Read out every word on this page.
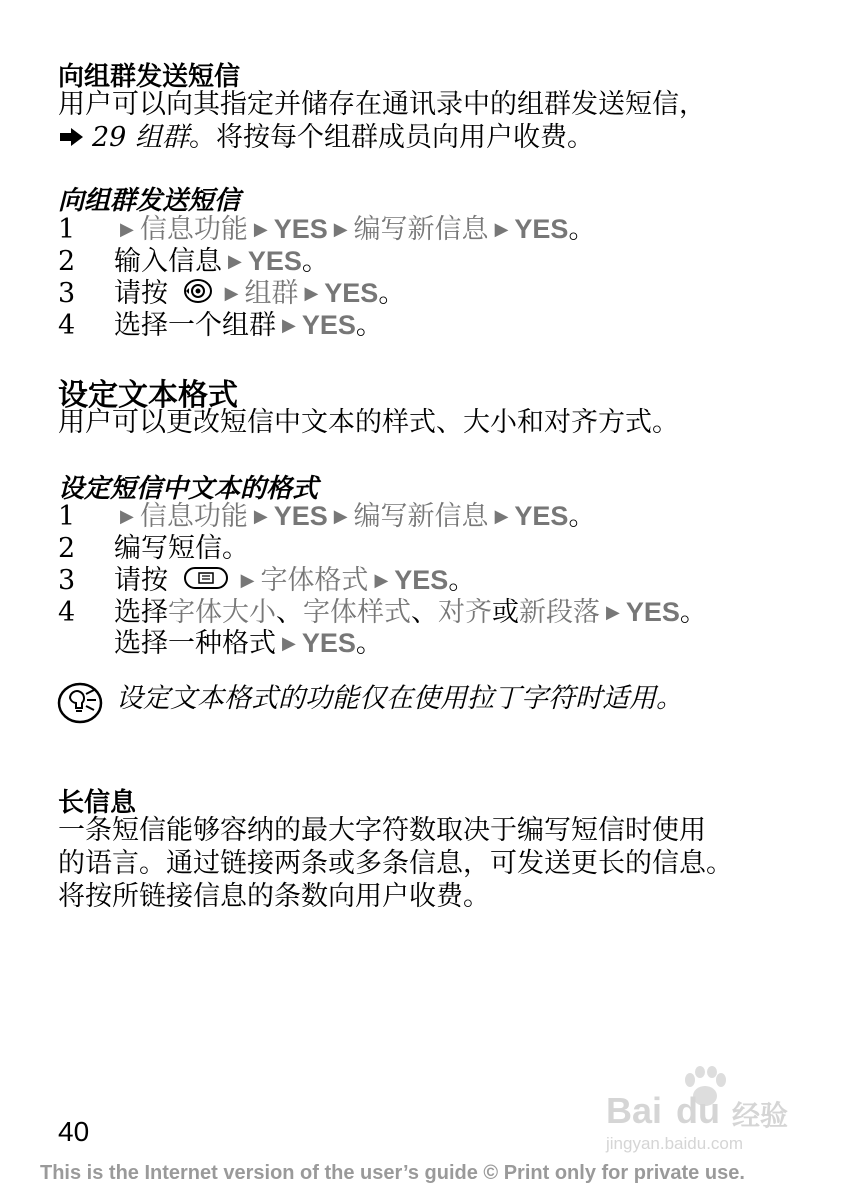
向组群发送短信
用户可以向其指定并储存在通讯录中的组群发送短信，
29 组群。将按每个组群成员向用户收费。
向组群发送短信
1 ▶ 信息功能 ▶ YES ▶ 编写新信息 ▶ YES。
2 输入信息 ▶ YES。
3 请按	▶ 组群 ▶ YES。
4 选择一个组群 ▶ YES。
设定文本格式
用户可以更改短信中文本的样式、大小和对齐方式。
设定短信中文本的格式
1 ▶ 信息功能 ▶ YES ▶ 编写新信息 ▶ YES。
2 编写短信。
3 请按	▶ 字体格式 ▶ YES。
4 选择字体大小、字体样式、对齐或新段落 ▶ YES。
选择一种格式 ▶ YES。
设定文本格式的功能仅在使用拉丁字符时适用。
长信息
一条短信能够容纳的最大字符数取决于编写短信时使用
的语言。通过链接两条或多条信息，可发送更长的信息。
将按所链接信息的条数向用户收费。
Bai du 经验
jingyan.baidu.com
40
This is the Internet version of the user’s guide © Print only for private use.
